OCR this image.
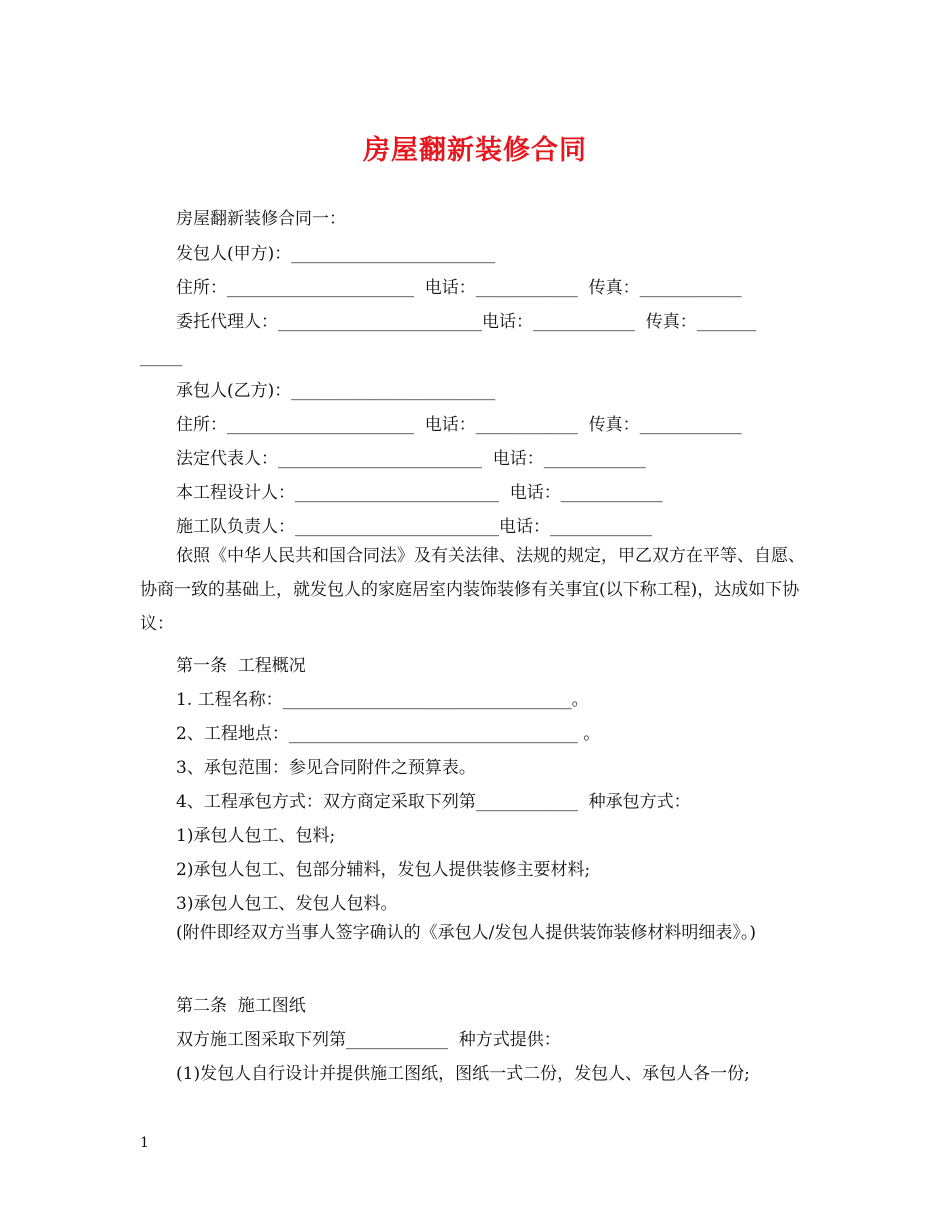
房屋翻新装修合同
房屋翻新装修合同一：
发包人(甲方)：________________________
住所：______________________  电话：____________  传真：____________
委托代理人：________________________电话：____________  传真：_______
_____
承包人(乙方)：________________________
住所：______________________  电话：____________  传真：____________
法定代表人：________________________  电话：____________
本工程设计人：________________________  电话：____________
施工队负责人：________________________电话：____________
依照《中华人民共和国合同法》及有关法律、法规的规定，甲乙双方在平等、自愿、协商一致的基础上，就发包人的家庭居室内装饰装修有关事宜(以下称工程)，达成如下协议：
第一条  工程概况
1. 工程名称：__________________________________。
2、工程地点：__________________________________ 。
3、承包范围：参见合同附件之预算表。
4、工程承包方式：双方商定采取下列第____________  种承包方式：
1)承包人包工、包料;
2)承包人包工、包部分辅料，发包人提供装修主要材料;
3)承包人包工、发包人包料。
(附件即经双方当事人签字确认的《承包人/发包人提供装饰装修材料明细表》。)
第二条  施工图纸
双方施工图采取下列第____________  种方式提供：
(1)发包人自行设计并提供施工图纸，图纸一式二份，发包人、承包人各一份;
1
